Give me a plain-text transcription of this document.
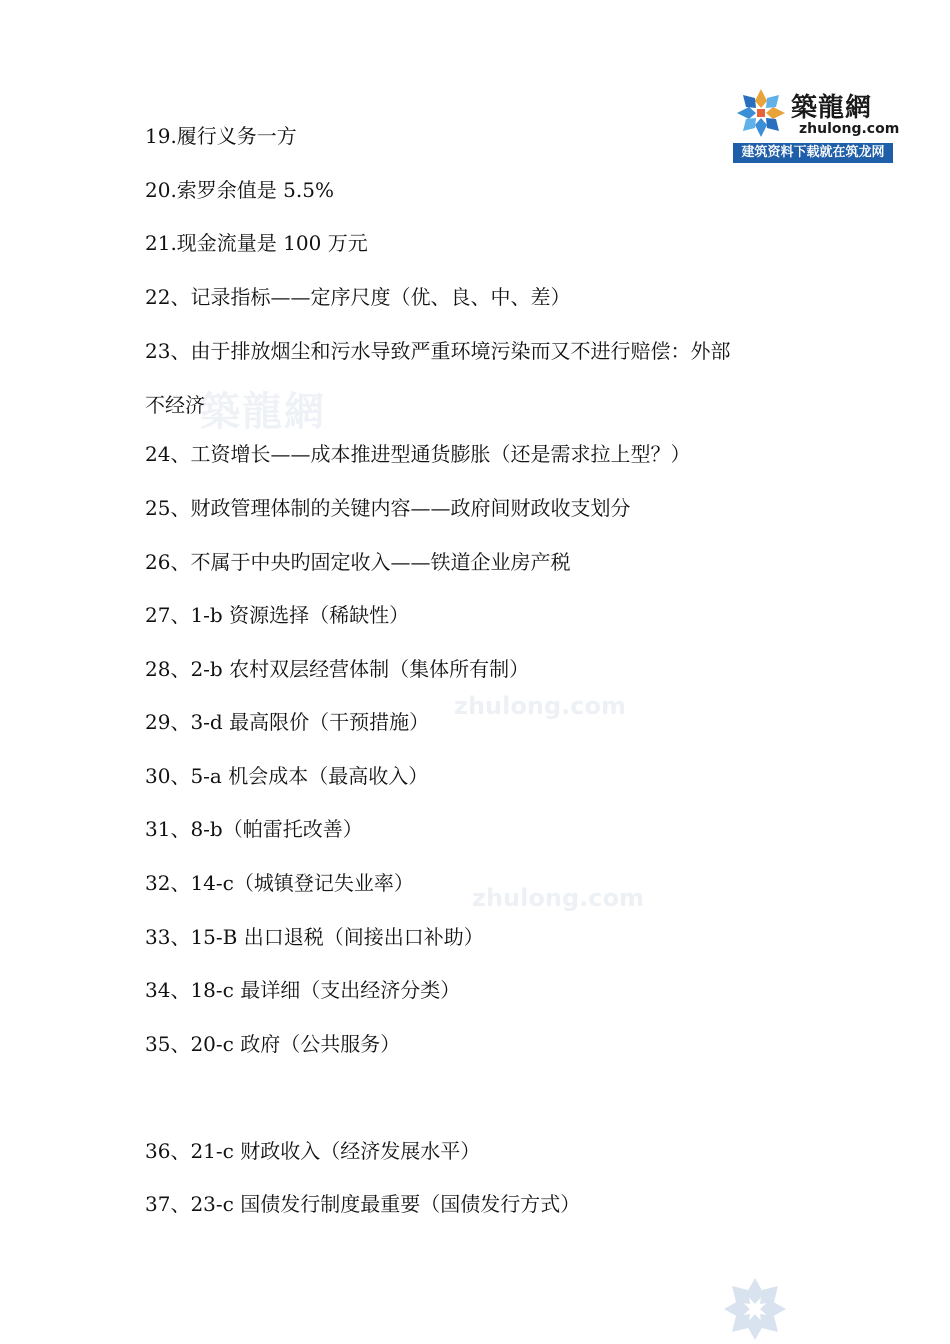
築龍網
zhulong.com
zhulong.com
築龍網
zhulong.com
建筑资料下载就在筑龙网
19.履行义务一方
20.索罗余值是 5.5%
21.现金流量是 100 万元
22、记录指标——定序尺度（优、良、中、差）
23、由于排放烟尘和污水导致严重环境污染而又不进行赔偿：外部
不经济
24、工资增长——成本推进型通货膨胀（还是需求拉上型？）
25、财政管理体制的关键内容——政府间财政收支划分
26、不属于中央旳固定收入——铁道企业房产税
27、1-b 资源选择（稀缺性）
28、2-b 农村双层经营体制（集体所有制）
29、3-d 最高限价（干预措施）
30、5-a 机会成本（最高收入）
31、8-b（帕雷托改善）
32、14-c（城镇登记失业率）
33、15-B 出口退税（间接出口补助）
34、18-c 最详细（支出经济分类）
35、20-c 政府（公共服务）
36、21-c 财政收入（经济发展水平）
37、23-c 国债发行制度最重要（国债发行方式）
